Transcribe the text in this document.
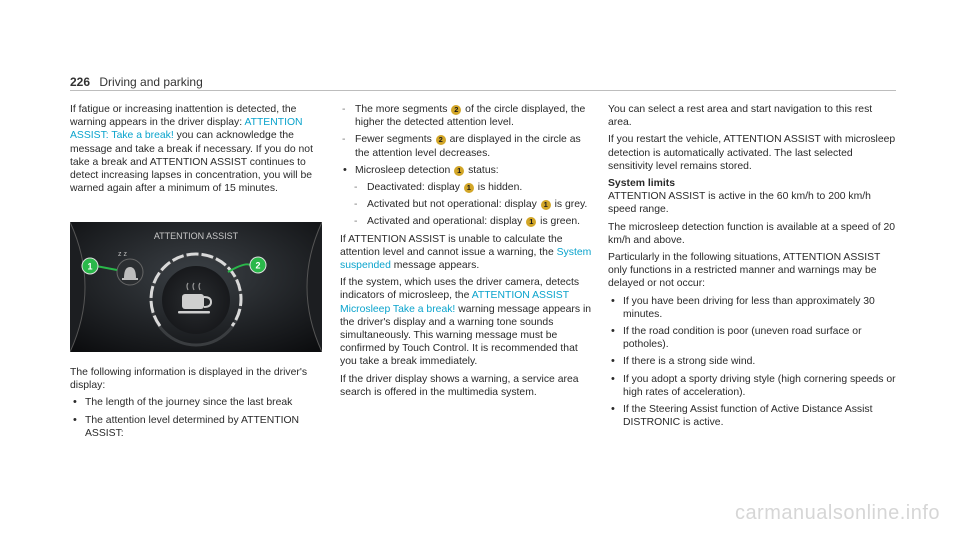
226 Driving and parking

If fatigue or increasing inattention is detected, the warning appears in the driver display: ATTENTION ASSIST: Take a break! you can acknowledge the message and take a break if necessary. If you do not take a break and ATTENTION ASSIST continues to detect increasing lapses in concentration, you will be warned again after a minimum of 15 minutes.

ATTENTION ASSIST
z z
1	2

The following information is displayed in the driver's display:

• The length of the journey since the last break
• The attention level determined by ATTENTION ASSIST:
- The more segments 2 of the circle displayed, the higher the detected attention level.
- Fewer segments 2 are displayed in the circle as the attention level decreases.
• Microsleep detection 1 status:
- Deactivated: display 1 is hidden.
- Activated but not operational: display 1 is grey.
- Activated and operational: display 1 is green.

If ATTENTION ASSIST is unable to calculate the attention level and cannot issue a warning, the System suspended message appears.

If the system, which uses the driver camera, detects indicators of microsleep, the ATTENTION ASSIST Microsleep Take a break! warning message appears in the driver's display and a warning tone sounds simultaneously. This warning message must be confirmed by Touch Control. It is recommended that you take a break immediately.

If the driver display shows a warning, a service area search is offered in the multimedia system.

You can select a rest area and start navigation to this rest area.

If you restart the vehicle, ATTENTION ASSIST with microsleep detection is automatically activated. The last selected sensitivity level remains stored.

System limits

ATTENTION ASSIST is active in the 60 km/h to 200 km/h speed range.

The microsleep detection function is available at a speed of 20 km/h and above.

Particularly in the following situations, ATTENTION ASSIST only functions in a restricted manner and warnings may be delayed or not occur:

• If you have been driving for less than approximately 30 minutes.
• If the road condition is poor (uneven road surface or potholes).
• If there is a strong side wind.
• If you adopt a sporty driving style (high cornering speeds or high rates of acceleration).
• If the Steering Assist function of Active Distance Assist DISTRONIC is active.
carmanualsonline.info
